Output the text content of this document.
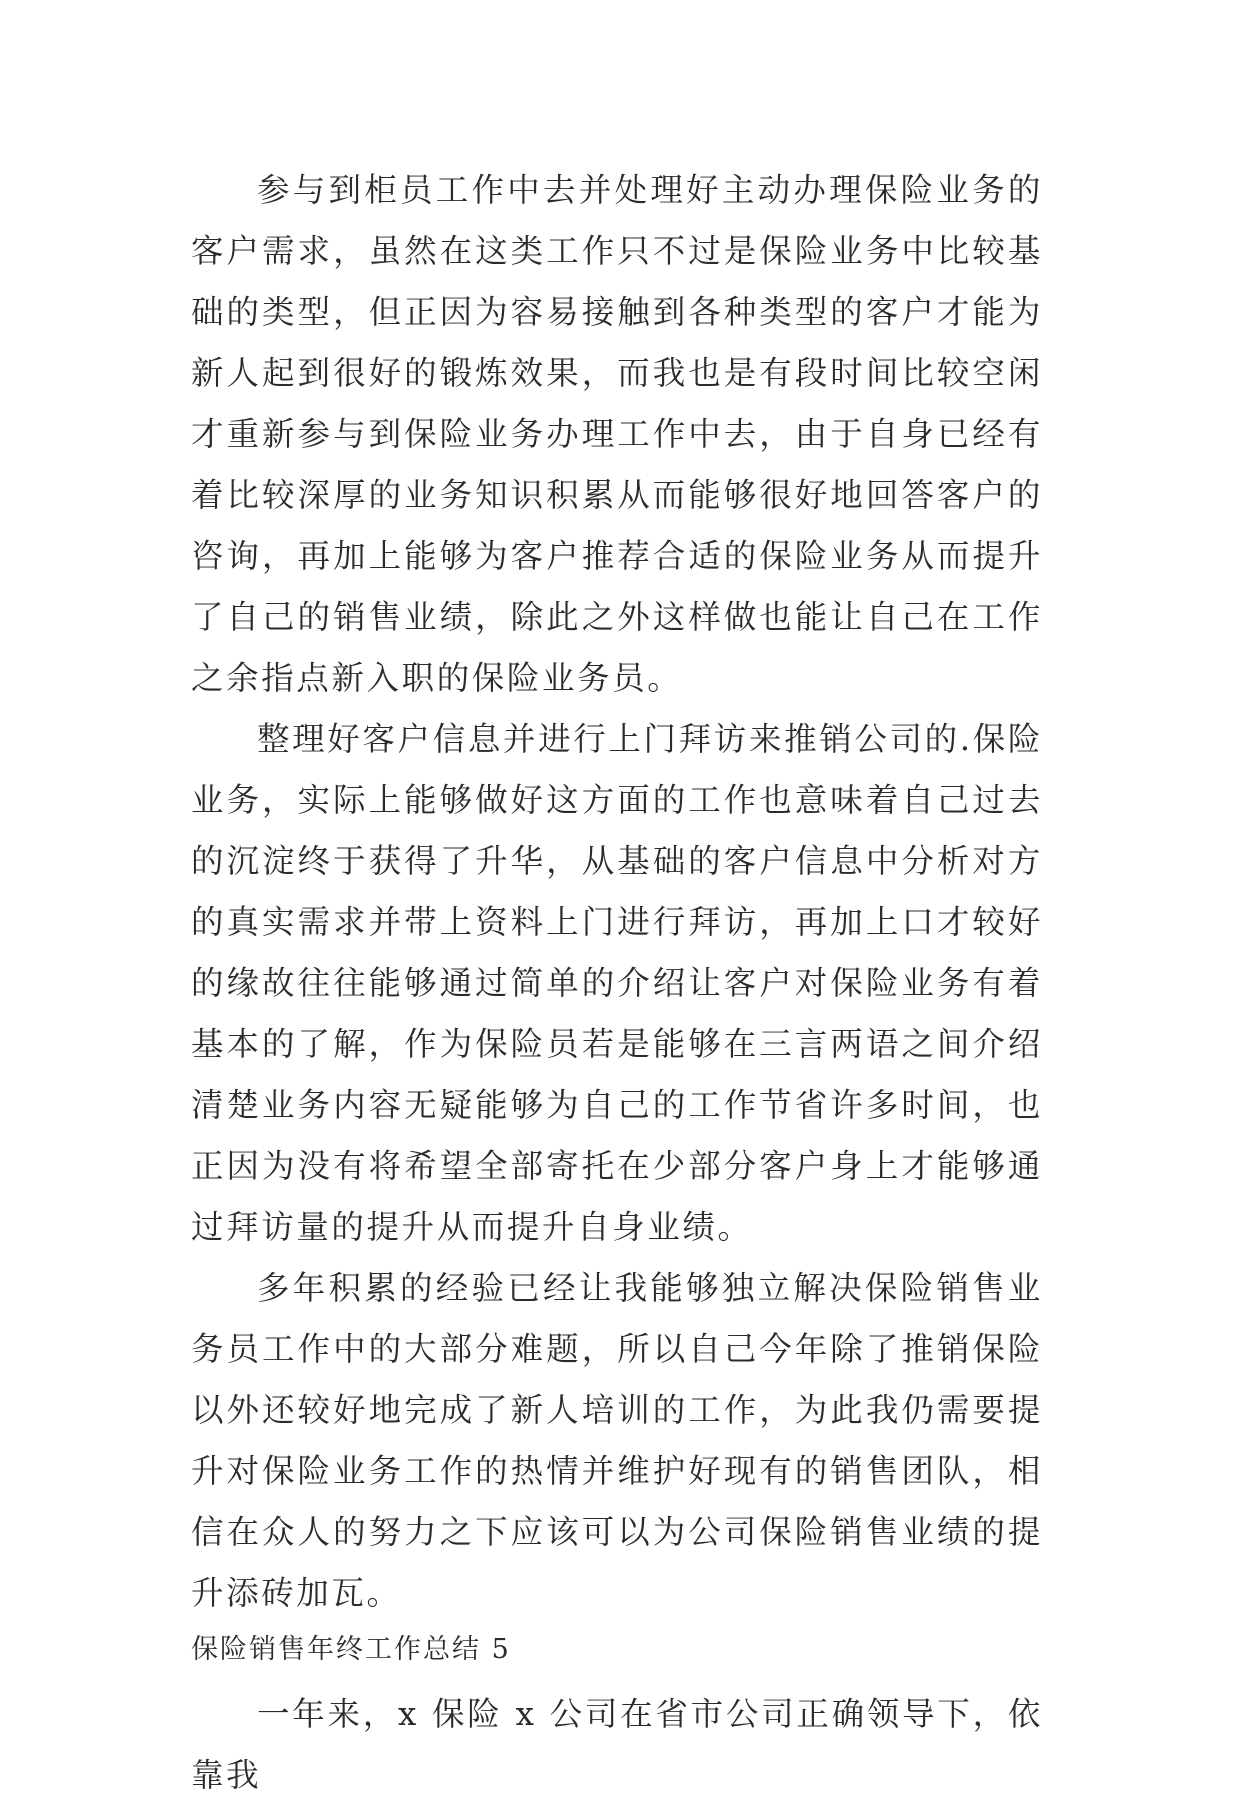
参与到柜员工作中去并处理好主动办理保险业务的客户需求，虽然在这类工作只不过是保险业务中比较基础的类型，但正因为容易接触到各种类型的客户才能为新人起到很好的锻炼效果，而我也是有段时间比较空闲才重新参与到保险业务办理工作中去，由于自身已经有着比较深厚的业务知识积累从而能够很好地回答客户的咨询，再加上能够为客户推荐合适的保险业务从而提升了自己的销售业绩，除此之外这样做也能让自己在工作之余指点新入职的保险业务员。

整理好客户信息并进行上门拜访来推销公司的.保险业务，实际上能够做好这方面的工作也意味着自己过去的沉淀终于获得了升华，从基础的客户信息中分析对方的真实需求并带上资料上门进行拜访，再加上口才较好的缘故往往能够通过简单的介绍让客户对保险业务有着基本的了解，作为保险员若是能够在三言两语之间介绍清楚业务内容无疑能够为自己的工作节省许多时间，也正因为没有将希望全部寄托在少部分客户身上才能够通过拜访量的提升从而提升自身业绩。

多年积累的经验已经让我能够独立解决保险销售业务员工作中的大部分难题，所以自己今年除了推销保险以外还较好地完成了新人培训的工作，为此我仍需要提升对保险业务工作的热情并维护好现有的销售团队，相信在众人的努力之下应该可以为公司保险销售业绩的提升添砖加瓦。

保险销售年终工作总结 5

一年来，x 保险 x 公司在省市公司正确领导下，依靠我
